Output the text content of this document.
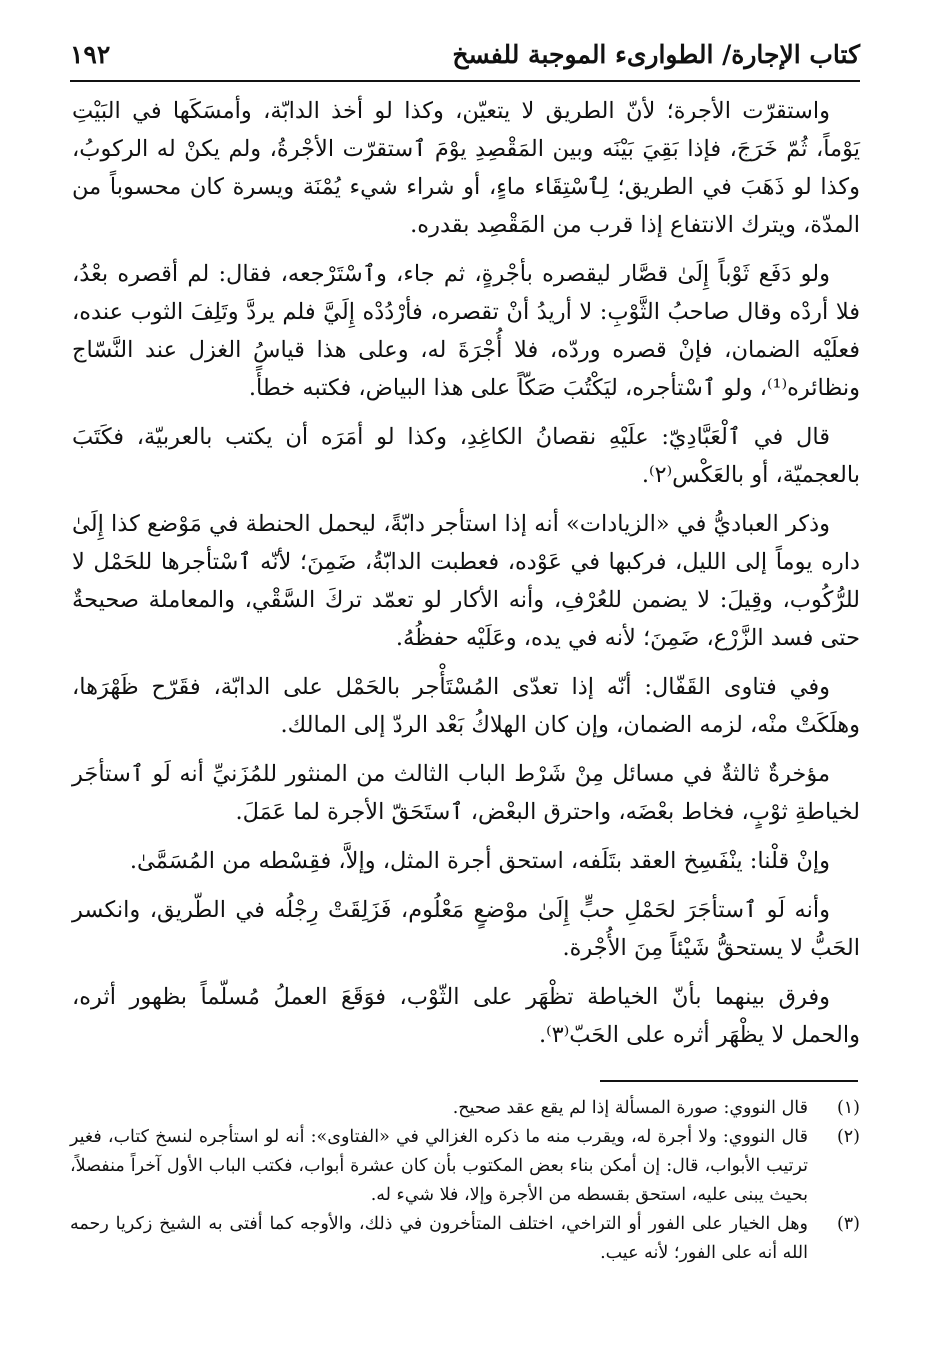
كتاب الإجارة/ الطوارىء الموجبة للفسخ
١٩٢

واستقرّت الأجرة؛ لأنّ الطريق لا يتعيّن، وكذا لو أخذ الدابّة، وأمسَكَها في البَيْتِ يَوْماً، ثُمّ خَرَجَ، فإذا بَقِيَ بَيْنَه وبين المَقْصِدِ يوْمَ ٱستقرّت الأجْرةُ، ولم يكنْ له الركوبُ، وكذا لو ذَهَبَ في الطريق؛ لِٱسْتِقَاء ماءٍ، أو شراء شيء يُمْنَة ويسرة كان محسوباً من المدّة، ويترك الانتفاع إذا قرب من المَقْصِد بقدره.

ولو دَفَع ثَوْباً إِلَىٰ قصَّار ليقصره بأجْرةٍ، ثم جاء، وٱسْتَرْجعه، فقال: لم أقصره بعْدُ، فلا أردْه وقال صاحبُ الثَّوْبِ: لا أريدُ أنْ تقصره، فأرْدُدْه إِلَيَّ فلم يردَّ وتَلِفَ الثوب عنده، فعلَيْه الضمان، فإنْ قصره وردّه، فلا أُجْرَةَ له، وعلى هذا قياسُ الغزل عند النَّسّاج ونظائره⁽¹⁾، ولو ٱسْتأجره، ليَكْتُبَ صَكّاً على هذا البياض، فكتبه خطأً.

قال في ٱلْعَبَّادِيّ: علَيْهِ نقصانُ الكاغِدِ، وكذا لو أمَرَه أن يكتب بالعربيّة، فكَتَبَ بالعجميّة، أو بالعَكْس⁽٢⁾.

وذكر العباديُّ في «الزيادات» أنه إذا استأجر دابّةً، ليحمل الحنطة في مَوْضع كذا إِلَىٰ داره يوماً إلى الليل، فركبها في عَوْده، فعطبت الدابّةُ، ضَمِنَ؛ لأنّه ٱسْتأجرها للحَمْل لا للرُّكُوب، وقِيلَ: لا يضمن للعُرْفِ، وأنه الأكار لو تعمّد تركَ السَّقْي، والمعاملة صحيحةٌ حتى فسد الزَّرْع، ضَمِنَ؛ لأنه في يده، وعَلَيْه حفظُهُ.

وفي فتاوى القَفّال: أنّه إذا تعدّى المُسْتَأْجر بالحَمْل على الدابّة، فقَرّح ظَهْرَها، وهلَكَتْ منْه، لزمه الضمان، وإن كان الهلاكُ بَعْد الردّ إلى المالك.

مؤخرةٌ ثالثةٌ في مسائل مِنْ شَرْط الباب الثالث من المنثور للمُزَنيِّ أنه لَو ٱستأجَر لخياطةِ ثوْبٍ، فخاط بعْضَه، واحترق البعْض، ٱستَحَقّ الأجرة لما عَمَلَ.

وإنْ قلْنا: ينْفَسِخ العقد بتَلَفه، استحق أجرة المثل، وإلاَّ، فقِسْطه من المُسَمَّىٰ.

وأنه لَو ٱستأجَرَ لحَمْلِ حبٍّ إِلَىٰ موْضعٍ مَعْلُوم، فَزَلِقَتْ رِجْلُه في الطّريق، وانكسر الحَبُّ لا يستحقُّ شَيْئاً مِنَ الأُجْرة.

وفرق بينهما بأنّ الخياطة تظْهَر على الثّوْب، فوَقَعَ العملُ مُسلّماً بظهور أثره، والحمل لا يظْهَر أثره على الحَبّ⁽٣⁾.

(١)
قال النووي: صورة المسألة إذا لم يقع عقد صحيح.
(٢)
قال النووي: ولا أجرة له، ويقرب منه ما ذكره الغزالي في «الفتاوى»: أنه لو استأجره لنسخ كتاب، فغير ترتيب الأبواب، قال: إن أمكن بناء بعض المكتوب بأن كان عشرة أبواب، فكتب الباب الأول آخراً منفصلاً، بحيث يبنى عليه، استحق بقسطه من الأجرة وإلا، فلا شيء له.
(٣)
وهل الخيار على الفور أو التراخي، اختلف المتأخرون في ذلك، والأوجه كما أفتى به الشيخ زكريا رحمه الله أنه على الفور؛ لأنه عيب.
